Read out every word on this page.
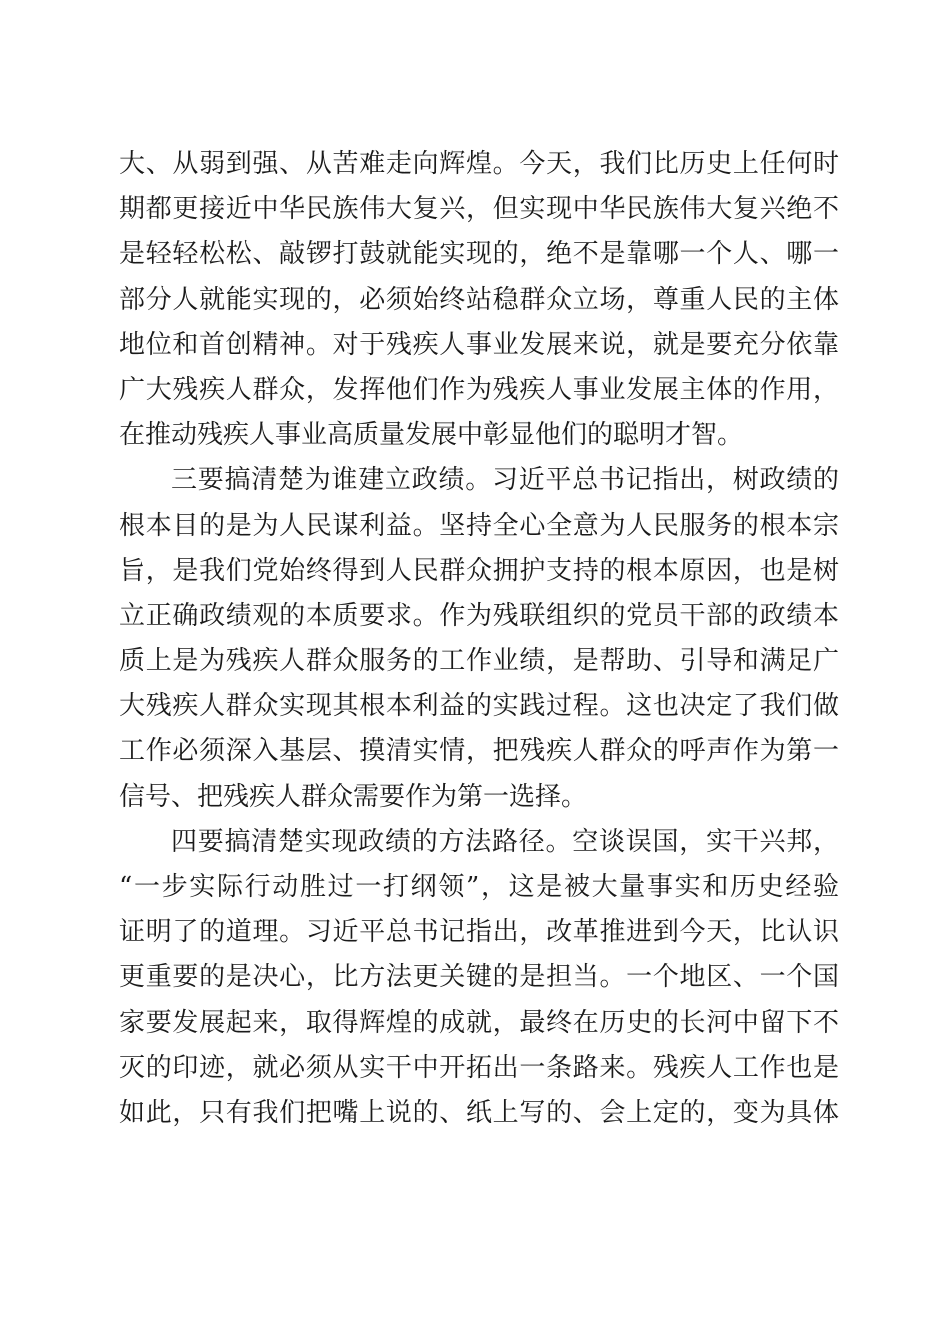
大、从弱到强、从苦难走向辉煌。今天，我们比历史上任何时
期都更接近中华民族伟大复兴，但实现中华民族伟大复兴绝不
是轻轻松松、敲锣打鼓就能实现的，绝不是靠哪一个人、哪一
部分人就能实现的，必须始终站稳群众立场，尊重人民的主体
地位和首创精神。对于残疾人事业发展来说，就是要充分依靠
广大残疾人群众，发挥他们作为残疾人事业发展主体的作用，
在推动残疾人事业高质量发展中彰显他们的聪明才智。
三要搞清楚为谁建立政绩。习近平总书记指出，树政绩的
根本目的是为人民谋利益。坚持全心全意为人民服务的根本宗
旨，是我们党始终得到人民群众拥护支持的根本原因，也是树
立正确政绩观的本质要求。作为残联组织的党员干部的政绩本
质上是为残疾人群众服务的工作业绩，是帮助、引导和满足广
大残疾人群众实现其根本利益的实践过程。这也决定了我们做
工作必须深入基层、摸清实情，把残疾人群众的呼声作为第一
信号、把残疾人群众需要作为第一选择。
四要搞清楚实现政绩的方法路径。空谈误国，实干兴邦，
“一步实际行动胜过一打纲领”，这是被大量事实和历史经验
证明了的道理。习近平总书记指出，改革推进到今天，比认识
更重要的是决心，比方法更关键的是担当。一个地区、一个国
家要发展起来，取得辉煌的成就，最终在历史的长河中留下不
灭的印迹，就必须从实干中开拓出一条路来。残疾人工作也是
如此，只有我们把嘴上说的、纸上写的、会上定的，变为具体
